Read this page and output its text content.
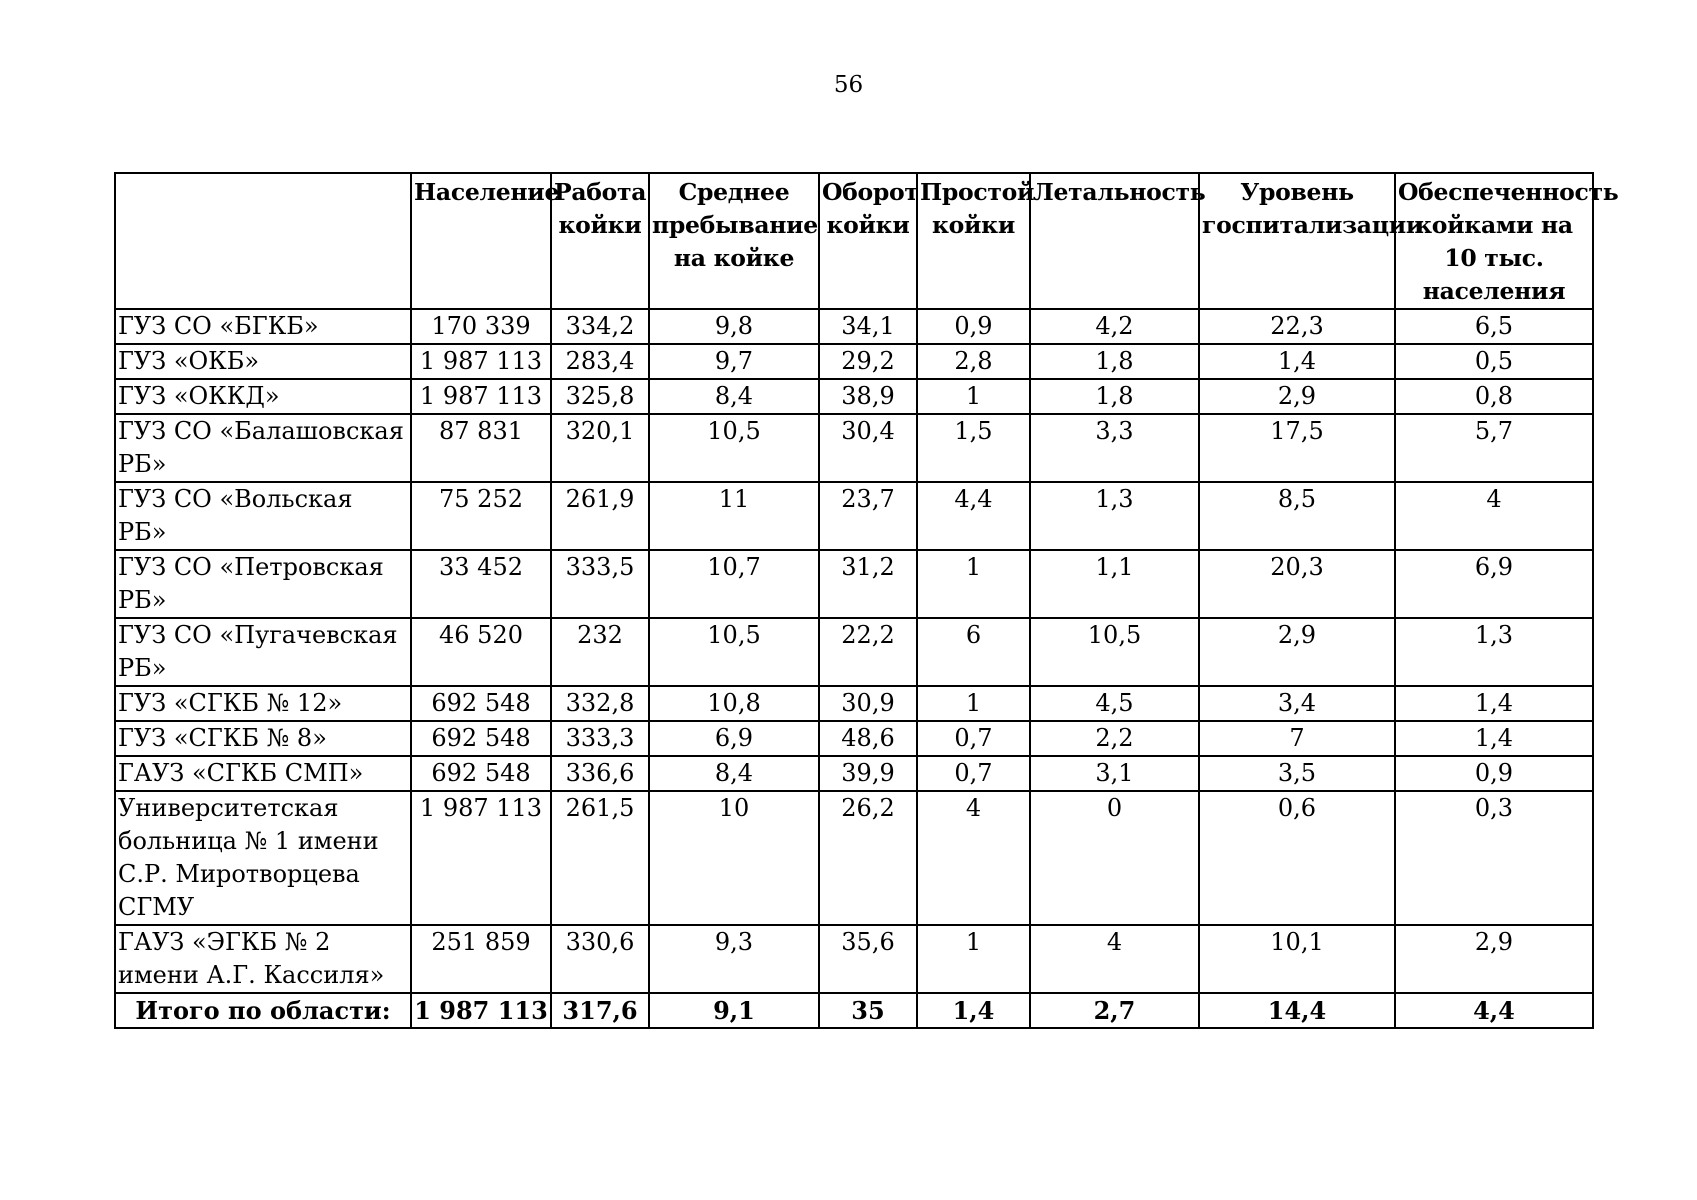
56
	Население	Работа койки	Среднее пребывание на койке	Оборот койки	Простой койки	Летальность	Уровень госпитализации	Обеспеченность койками на 10 тыс. населения
ГУЗ СО «БГКБ»	170 339	334,2	9,8	34,1	0,9	4,2	22,3	6,5
ГУЗ «ОКБ»	1 987 113	283,4	9,7	29,2	2,8	1,8	1,4	0,5
ГУЗ «ОККД»	1 987 113	325,8	8,4	38,9	1	1,8	2,9	0,8
ГУЗ СО «Балашовская РБ»	87 831	320,1	10,5	30,4	1,5	3,3	17,5	5,7
ГУЗ СО «Вольская РБ»	75 252	261,9	11	23,7	4,4	1,3	8,5	4
ГУЗ СО «Петровская РБ»	33 452	333,5	10,7	31,2	1	1,1	20,3	6,9
ГУЗ СО «Пугачевская РБ»	46 520	232	10,5	22,2	6	10,5	2,9	1,3
ГУЗ «СГКБ № 12»	692 548	332,8	10,8	30,9	1	4,5	3,4	1,4
ГУЗ «СГКБ № 8»	692 548	333,3	6,9	48,6	0,7	2,2	7	1,4
ГАУЗ «СГКБ СМП»	692 548	336,6	8,4	39,9	0,7	3,1	3,5	0,9
Университетская больница № 1 имени С.Р. Миротворцева СГМУ	1 987 113	261,5	10	26,2	4	0	0,6	0,3
ГАУЗ «ЭГКБ № 2 имени А.Г. Кассиля»	251 859	330,6	9,3	35,6	1	4	10,1	2,9
Итого по области:	1 987 113	317,6	9,1	35	1,4	2,7	14,4	4,4
